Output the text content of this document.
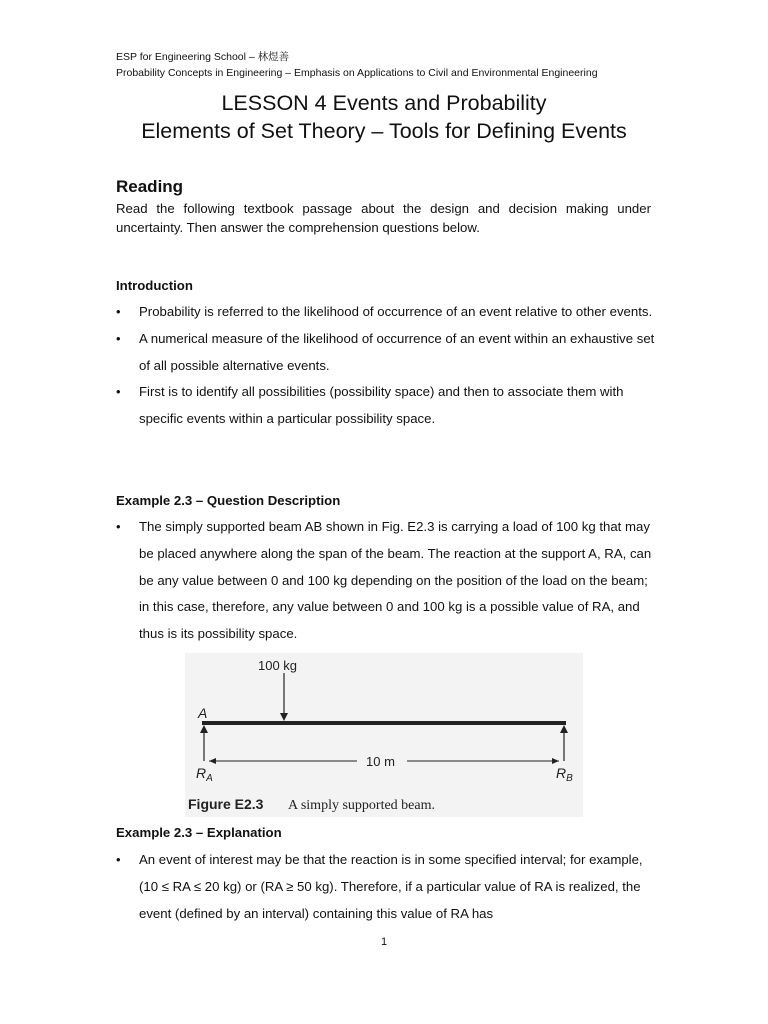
ESP for Engineering School – 林煜善
Probability Concepts in Engineering – Emphasis on Applications to Civil and Environmental Engineering
LESSON 4 Events and Probability
Elements of Set Theory – Tools for Defining Events
Reading
Read the following textbook passage about the design and decision making under uncertainty. Then answer the comprehension questions below.
Introduction
• Probability is referred to the likelihood of occurrence of an event relative to other events.
• A numerical measure of the likelihood of occurrence of an event within an exhaustive set of all possible alternative events.
• First is to identify all possibilities (possibility space) and then to associate them with specific events within a particular possibility space.
Example 2.3 – Question Description
• The simply supported beam AB shown in Fig. E2.3 is carrying a load of 100 kg that may be placed anywhere along the span of the beam. The reaction at the support A, RA, can be any value between 0 and 100 kg depending on the position of the load on the beam; in this case, therefore, any value between 0 and 100 kg is a possible value of RA, and thus is its possibility space.
100 kg
A
10 m
$R_A$	$R_B$
Figure E2.3 A simply supported beam.
Example 2.3 – Explanation
• An event of interest may be that the reaction is in some specified interval; for example, (10 ≤ RA ≤ 20 kg) or (RA ≥ 50 kg). Therefore, if a particular value of RA is realized, the event (defined by an interval) containing this value of RA has
1
